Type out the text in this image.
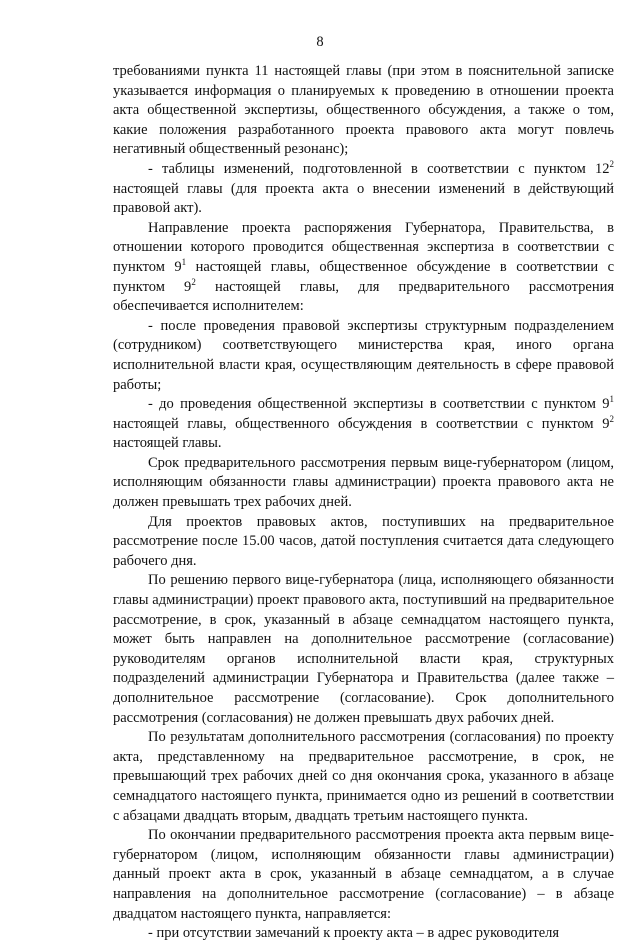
8

требованиями пункта 11 настоящей главы (при этом в пояснительной записке указывается информация о планируемых к проведению в отношении проекта акта общественной экспертизы, общественного обсуждения, а также о том, какие положения разработанного проекта правового акта могут повлечь негативный общественный резонанс);

- таблицы изменений, подготовленной в соответствии с пунктом $12^2$ настоящей главы (для проекта акта о внесении изменений в действующий правовой акт).

Направление проекта распоряжения Губернатора, Правительства, в отношении которого проводится общественная экспертиза в соответствии с пунктом $9^1$ настоящей главы, общественное обсуждение в соответствии с пунктом $9^2$ настоящей главы, для предварительного рассмотрения обеспечивается исполнителем:

- после проведения правовой экспертизы структурным подразделением (сотрудником) соответствующего министерства края, иного органа исполнительной власти края, осуществляющим деятельность в сфере правовой работы;

- до проведения общественной экспертизы в соответствии с пунктом $9^1$ настоящей главы, общественного обсуждения в соответствии с пунктом $9^2$ настоящей главы.

Срок предварительного рассмотрения первым вице-губернатором (лицом, исполняющим обязанности главы администрации) проекта правового акта не должен превышать трех рабочих дней.

Для проектов правовых актов, поступивших на предварительное рассмотрение после 15.00 часов, датой поступления считается дата следующего рабочего дня.

По решению первого вице-губернатора (лица, исполняющего обязанности главы администрации) проект правового акта, поступивший на предварительное рассмотрение, в срок, указанный в абзаце семнадцатом настоящего пункта, может быть направлен на дополнительное рассмотрение (согласование) руководителям органов исполнительной власти края, структурных подразделений администрации Губернатора и Правительства (далее также – дополнительное рассмотрение (согласование). Срок дополнительного рассмотрения (согласования) не должен превышать двух рабочих дней.

По результатам дополнительного рассмотрения (согласования) по проекту акта, представленному на предварительное рассмотрение, в срок, не превышающий трех рабочих дней со дня окончания срока, указанного в абзаце семнадцатого настоящего пункта, принимается одно из решений в соответствии с абзацами двадцать вторым, двадцать третьим настоящего пункта.

По окончании предварительного рассмотрения проекта акта первым вице-губернатором (лицом, исполняющим обязанности главы администрации) данный проект акта в срок, указанный в абзаце семнадцатом, а в случае направления на дополнительное рассмотрение (согласование) – в абзаце двадцатом настоящего пункта, направляется:

- при отсутствии замечаний к проекту акта – в адрес руководителя
